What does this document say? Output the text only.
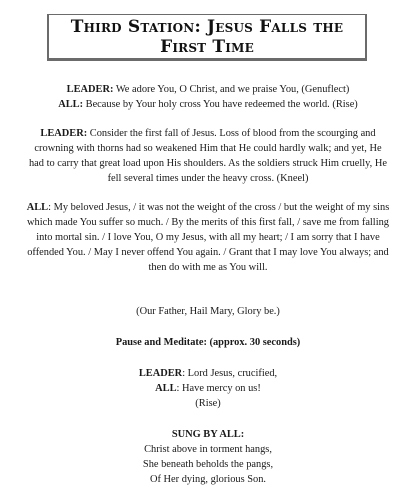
Third Station: Jesus Falls the
First Time

LEADER: We adore You, O Christ, and we praise You, (Genuflect)

ALL: Because by Your holy cross You have redeemed the world. (Rise)

LEADER: Consider the first fall of Jesus. Loss of blood from the scourging and

crowning with thorns had so weakened Him that He could hardly walk; and yet, He

had to carry that great load upon His shoulders. As the soldiers struck Him cruelly, He

fell several times under the heavy cross. (Kneel)

ALL: My beloved Jesus, / it was not the weight of the cross / but the weight of my sins

which made You suffer so much. / By the merits of this first fall, / save me from falling

into mortal sin. / I love You, O my Jesus, with all my heart; / I am sorry that I have

offended You. / May I never offend You again. / Grant that I may love You always; and

then do with me as You will.

(Our Father, Hail Mary, Glory be.)

Pause and Meditate: (approx. 30 seconds)

LEADER: Lord Jesus, crucified,

ALL: Have mercy on us!

(Rise)

SUNG BY ALL:

Christ above in torment hangs,

She beneath beholds the pangs,

Of Her dying, glorious Son.
